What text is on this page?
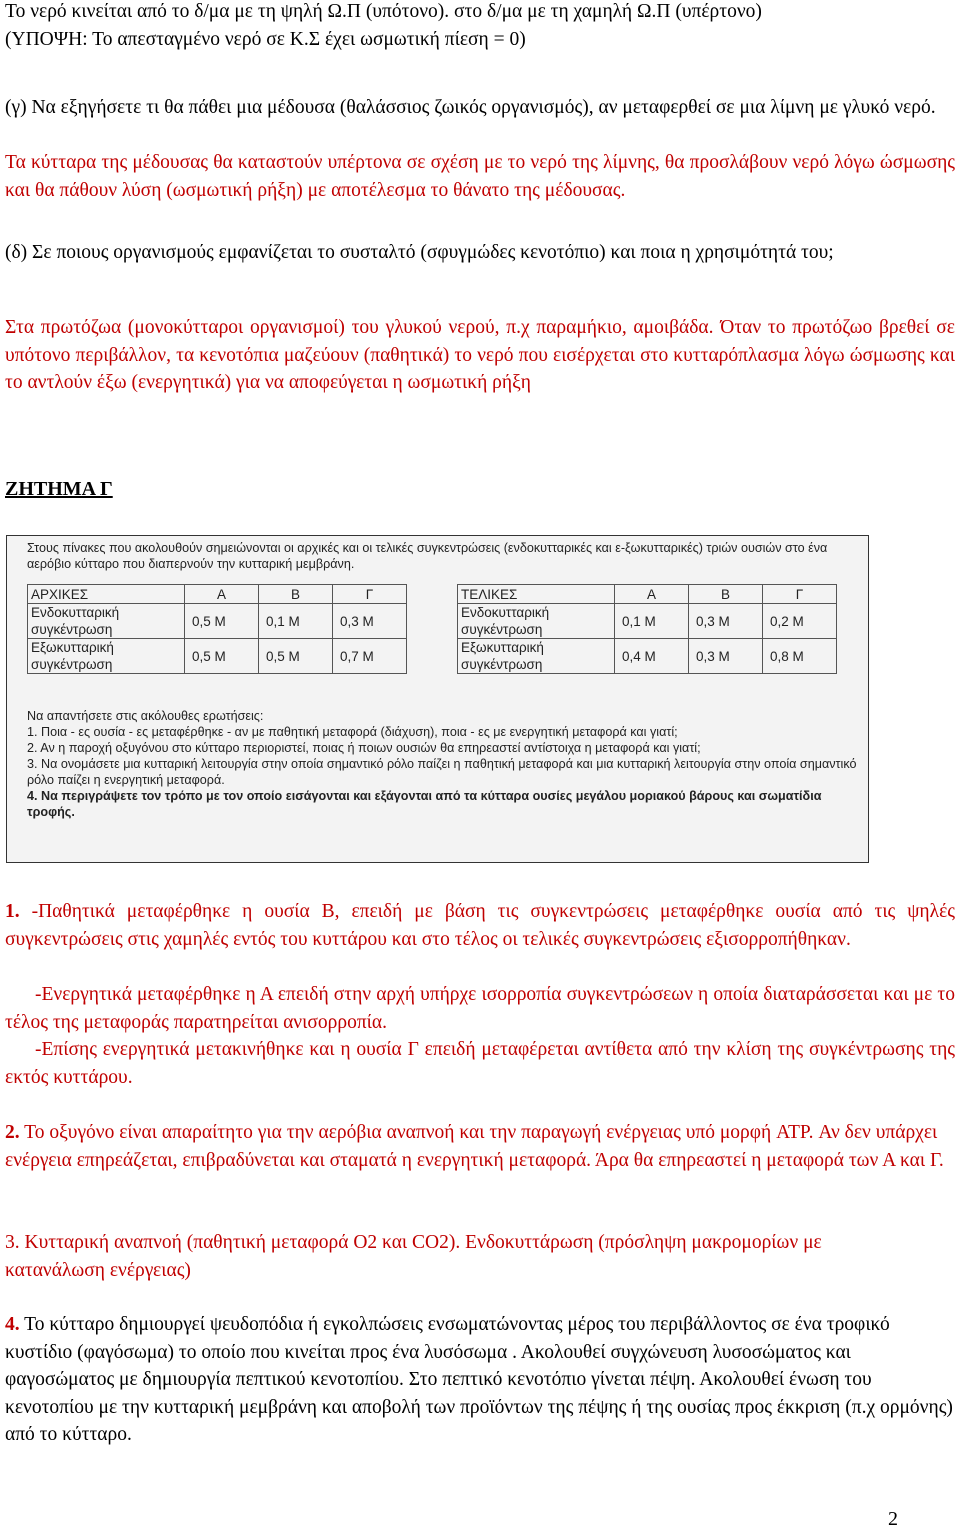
Το νερό κινείται από το δ/μα με τη ψηλή Ω.Π (υπότονο). στο δ/μα με τη χαμηλή Ω.Π (υπέρτονο)

(ΥΠΟΨΗ: Το απεσταγμένο νερό σε Κ.Σ έχει ωσμωτική πίεση = 0)

(γ) Να εξηγήσετε τι θα πάθει μια μέδουσα (θαλάσσιος ζωικός οργανισμός), αν μεταφερθεί σε μια λίμνη με γλυκό νερό.

Τα κύτταρα της μέδουσας θα καταστούν υπέρτονα σε σχέση με το νερό της λίμνης, θα προσλάβουν νερό λόγω ώσμωσης και θα πάθουν λύση (ωσμωτική ρήξη) με αποτέλεσμα το θάνατο της μέδουσας.

(δ) Σε ποιους οργανισμούς εμφανίζεται το συσταλτό (σφυγμώδες κενοτόπιο) και ποια η χρησιμότητά του;

Στα πρωτόζωα (μονοκύτταροι οργανισμοί) του γλυκού νερού, π.χ παραμήκιο, αμοιβάδα. Όταν το πρωτόζωο βρεθεί σε υπότονο περιβάλλον, τα κενοτόπια μαζεύουν (παθητικά) το νερό που εισέρχεται στο κυτταρόπλασμα λόγω ώσμωσης και το αντλούν έξω (ενεργητικά) για να αποφεύγεται η ωσμωτική ρήξη

ΖΗΤΗΜΑ Γ

Στους πίνακες που ακολουθούν σημειώνονται οι αρχικές και οι τελικές συγκεντρώσεις (ενδοκυτταρικές και ε-ξωκυτταρικές) τριών ουσιών στο ένα αερόβιο κύτταρο που διαπερνούν την κυτταρική μεμβράνη.
ΑΡΧΙΚΕΣ	Α	Β	Γ
Ενδοκυτταρική συγκέντρωση	0,5 Μ	0,1 Μ	0,3 Μ
Εξωκυτταρική συγκέντρωση	0,5 Μ	0,5 Μ	0,7 Μ
ΤΕΛΙΚΕΣ	Α	Β	Γ
Ενδοκυτταρική συγκέντρωση	0,1 Μ	0,3 Μ	0,2 Μ
Εξωκυτταρική συγκέντρωση	0,4 Μ	0,3 Μ	0,8 Μ

Να απαντήσετε στις ακόλουθες ερωτήσεις:

1. Ποια - ες ουσία - ες μεταφέρθηκε - αν με παθητική μεταφορά (διάχυση), ποια - ες με ενεργητική μεταφορά και γιατί;

2. Αν η παροχή οξυγόνου στο κύτταρο περιοριστεί, ποιας ή ποιων ουσιών θα επηρεαστεί αντίστοιχα η μεταφορά και γιατί;

3. Να ονομάσετε μια κυτταρική λειτουργία στην οποία σημαντικό ρόλο παίζει η παθητική μεταφορά και μια κυτταρική λειτουργία στην οποία σημαντικό ρόλο παίζει η ενεργητική μεταφορά.

4. Να περιγράψετε τον τρόπο με τον οποίο εισάγονται και εξάγονται από τα κύτταρα ουσίες μεγάλου μοριακού βάρους και σωματίδια τροφής.

1. -Παθητικά μεταφέρθηκε η ουσία Β, επειδή με βάση τις συγκεντρώσεις μεταφέρθηκε ουσία από τις ψηλές συγκεντρώσεις στις χαμηλές εντός του κυττάρου και στο τέλος οι τελικές συγκεντρώσεις εξισορροπήθηκαν.

-Ενεργητικά μεταφέρθηκε η Α επειδή στην αρχή υπήρχε ισορροπία συγκεντρώσεων η οποία διαταράσσεται και με το τέλος της μεταφοράς παρατηρείται ανισορροπία.

-Επίσης ενεργητικά μετακινήθηκε και η ουσία Γ επειδή μεταφέρεται αντίθετα από την κλίση της συγκέντρωσης της εκτός κυττάρου.

2. Το οξυγόνο είναι απαραίτητο για την αερόβια αναπνοή και την παραγωγή ενέργειας υπό μορφή ATP. Αν δεν υπάρχει ενέργεια επηρεάζεται, επιβραδύνεται και σταματά η ενεργητική μεταφορά. Άρα θα επηρεαστεί η μεταφορά των Α και Γ.

3. Κυτταρική αναπνοή (παθητική μεταφορά Ο2 και CO2). Ενδοκυττάρωση (πρόσληψη μακρομορίων με κατανάλωση ενέργειας)

4. Το κύτταρο δημιουργεί ψευδοπόδια ή εγκολπώσεις ενσωματώνοντας μέρος του περιβάλλοντος σε ένα τροφικό κυστίδιο (φαγόσωμα) το οποίο που κινείται προς ένα λυσόσωμα . Ακολουθεί συγχώνευση λυσοσώματος και φαγοσώματος με δημιουργία πεπτικού κενοτοπίου. Στο πεπτικό κενοτόπιο γίνεται πέψη. Ακολουθεί ένωση του κενοτοπίου με την κυτταρική μεμβράνη και αποβολή των προϊόντων της πέψης ή της ουσίας προς έκκριση (π.χ ορμόνης) από το κύτταρο.

2
